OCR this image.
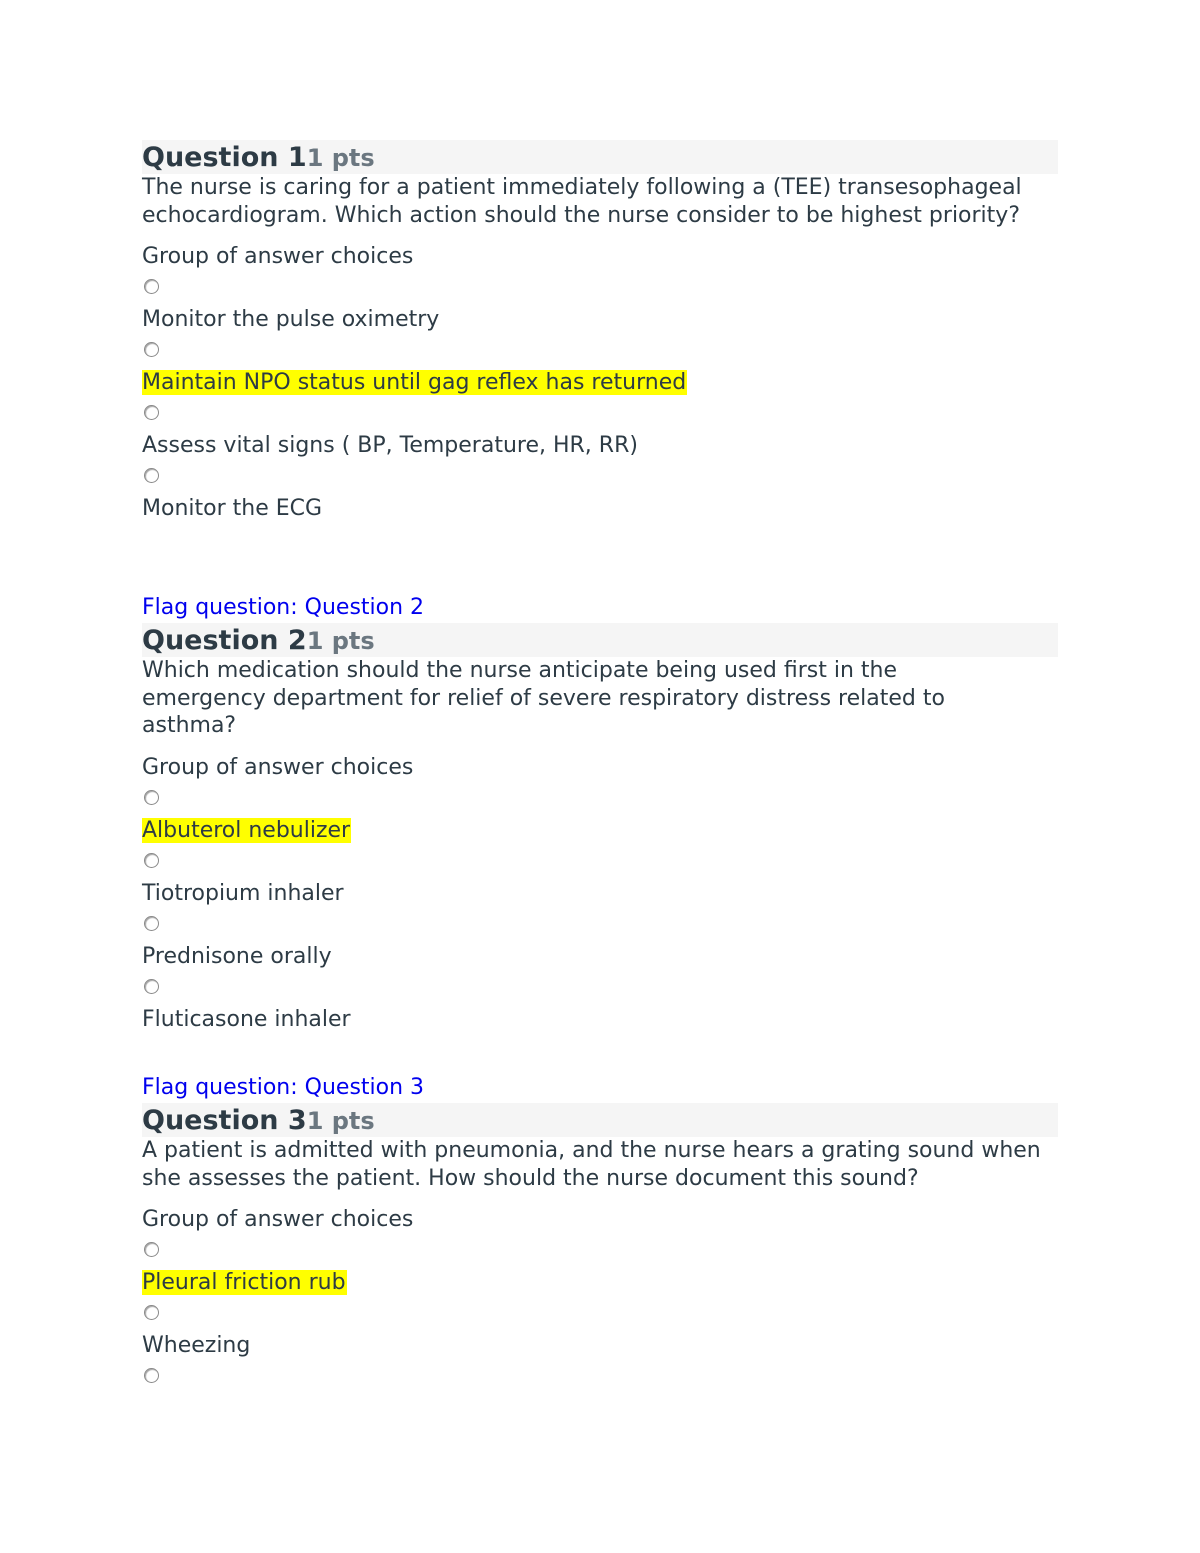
Question 11 pts

The nurse is caring for a patient immediately following a (TEE) transesophageal echocardiogram. Which action should the nurse consider to be highest priority?

Group of answer choices
Monitor the pulse oximetry
Maintain NPO status until gag reflex has returned
Assess vital signs ( BP, Temperature, HR, RR)
Monitor the ECG
Flag question: Question 2
Question 21 pts

Which medication should the nurse anticipate being used first in the emergency department for relief of severe respiratory distress related to asthma?

Group of answer choices
Albuterol nebulizer
Tiotropium inhaler
Prednisone orally
Fluticasone inhaler
Flag question: Question 3
Question 31 pts

A patient is admitted with pneumonia, and the nurse hears a grating sound when she assesses the patient. How should the nurse document this sound?

Group of answer choices
Pleural friction rub
Wheezing
